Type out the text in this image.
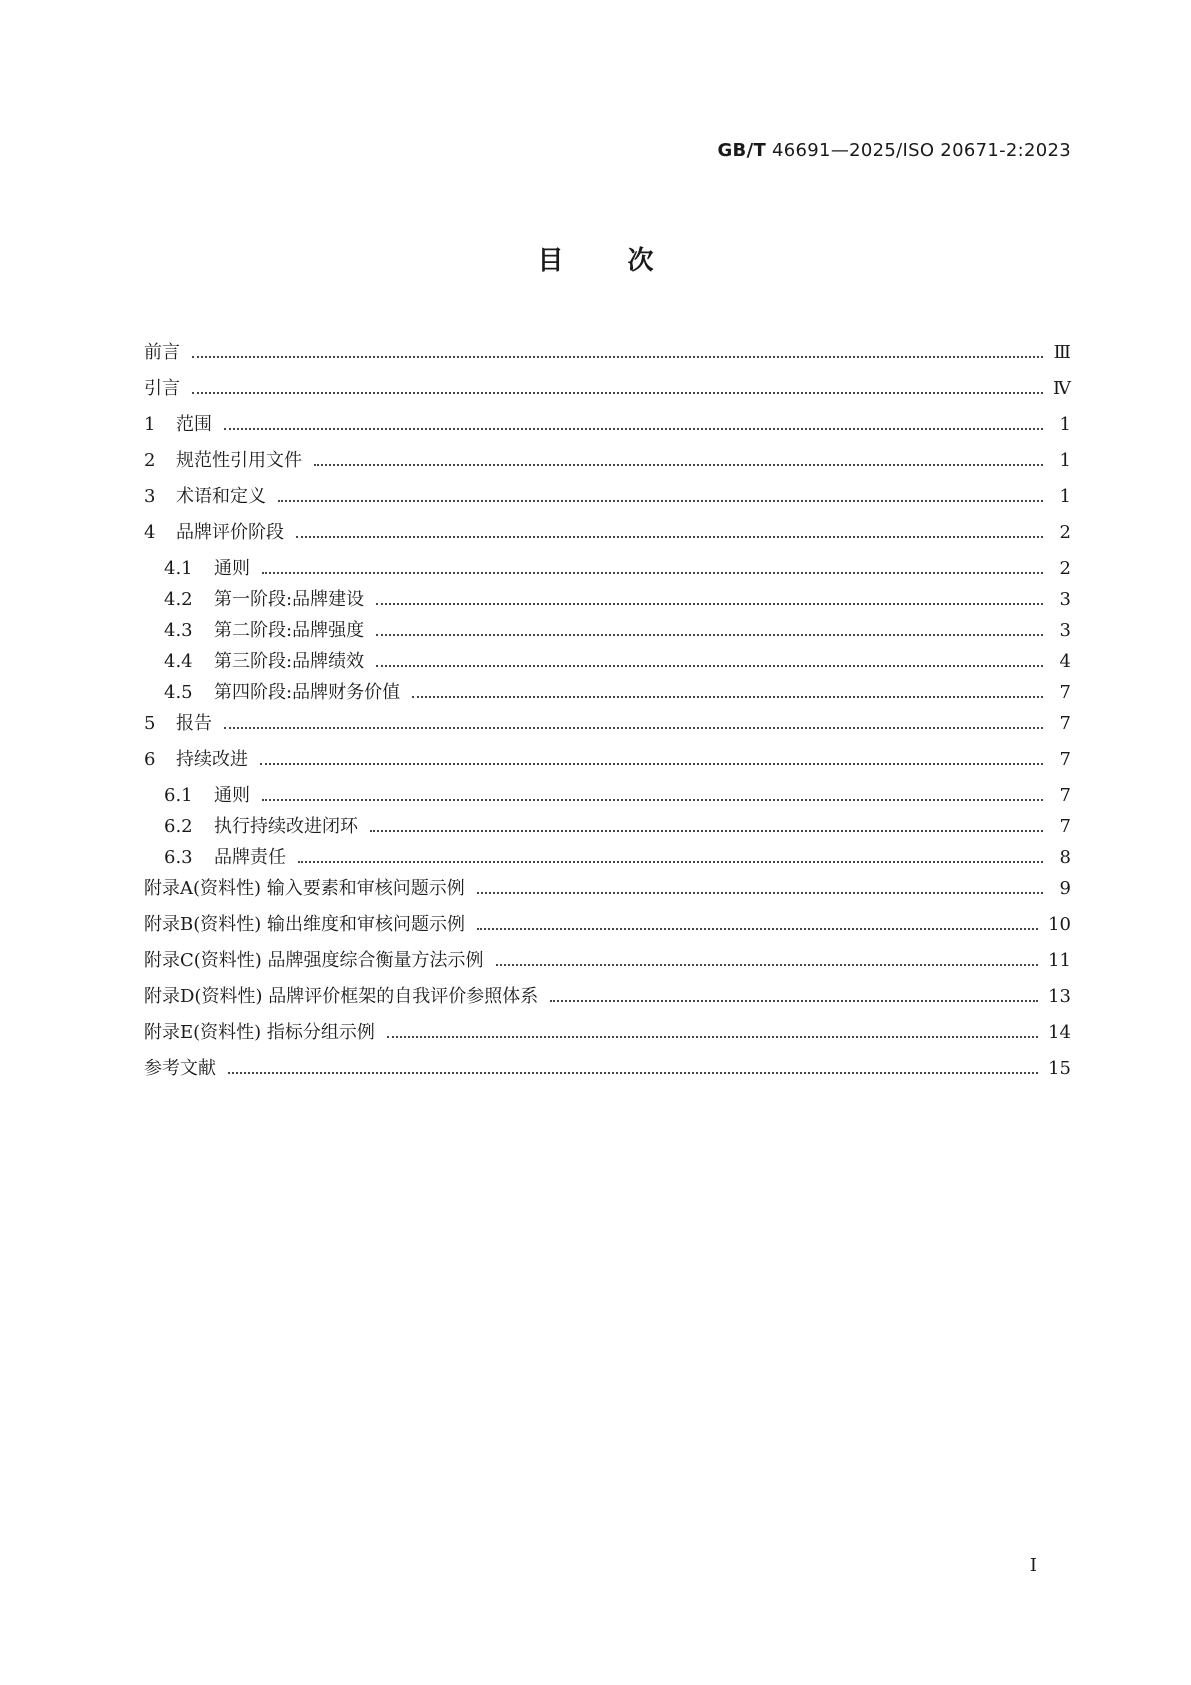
GB/T 46691—2025/ISO 20671-2:2023
目次
前言	Ⅲ
引言	Ⅳ
1	范围	1
2	规范性引用文件	1
3	术语和定义	1
4	品牌评价阶段	2
4.1	通则	2
4.2	第一阶段:品牌建设	3
4.3	第二阶段:品牌强度	3
4.4	第三阶段:品牌绩效	4
4.5	第四阶段:品牌财务价值	7
5	报告	7
6	持续改进	7
6.1	通则	7
6.2	执行持续改进闭环	7
6.3	品牌责任	8
附录A(资料性) 输入要素和审核问题示例	9
附录B(资料性) 输出维度和审核问题示例	10
附录C(资料性) 品牌强度综合衡量方法示例	11
附录D(资料性) 品牌评价框架的自我评价参照体系	13
附录E(资料性) 指标分组示例	14
参考文献	15
Ⅰ
